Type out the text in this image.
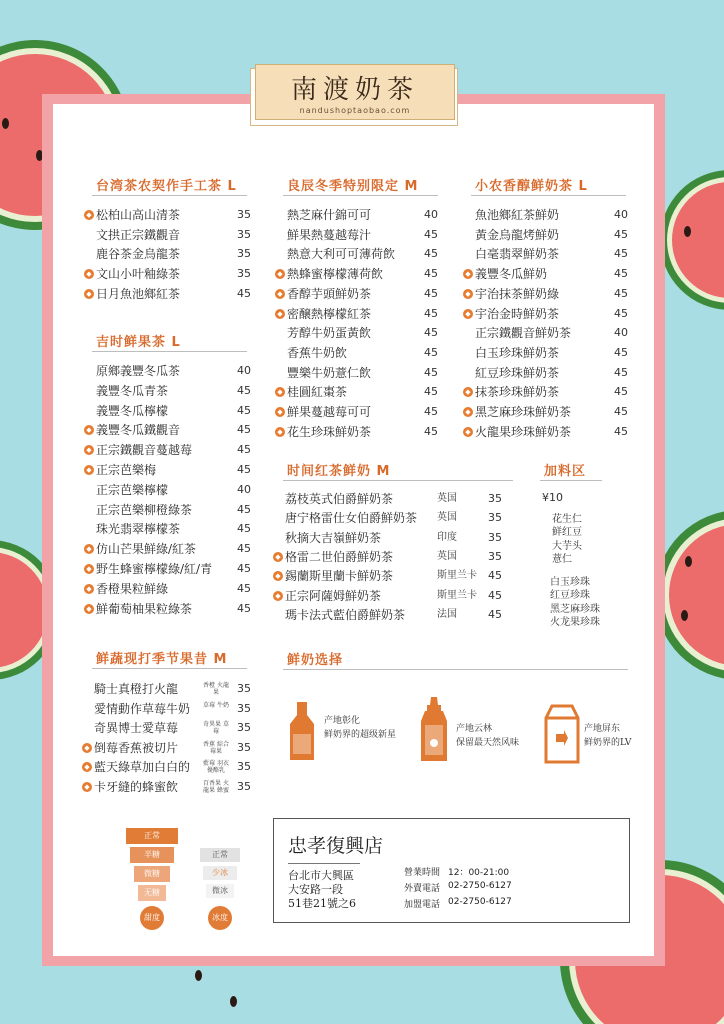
南渡奶茶
nandushoptaobao.com
台湾茶农契作手工茶 L
◆ 松柏山高山清茶	35
文拱正宗鐵觀音	35
鹿谷茶金烏龍茶	35
◆ 文山小叶釉綠茶	35
◆ 日月魚池鄉紅茶	45
吉时鲜果茶 L
原鄉義豐冬瓜茶	40
義豐冬瓜青茶	45
義豐冬瓜檸檬	45
◆ 義豐冬瓜鐵觀音	45
◆ 正宗鐵觀音蔓越莓	45
◆ 正宗芭樂梅	45
正宗芭樂檸檬	40
正宗芭樂柳橙綠茶	45
珠光翡翠檸檬茶	45
◆ 仿山芒果鮮綠/紅茶	45
◆ 野生蜂蜜檸檬綠/紅/青 45
◆ 香橙果粒鮮綠	45
◆ 鮮葡萄柚果粒綠茶	45
鲜蔬现打季节果昔 M
騎士真橙打火龍	香橙 火龍果	35
愛情動作草莓牛奶	草莓 牛奶 35
奇異博士愛草莓	奇異果 草莓	35
◆ 倒莓香蕉被切片	香蕉 綜合莓果	35
◆ 藍天綠草加白白的	藍莓 羽衣 優酪乳	35
◆ 卡牙縫的蜂蜜飲	百香果 火龍果 蜂蜜 35
良辰冬季特别限定 M
熱芝麻什錦可可	40
鮮果熱蔓越莓汁	45
熱意大利可可薄荷飲	45
◆ 熱蜂蜜檸檬薄荷飲	45
◆ 香醇芋頭鮮奶茶	45
◆ 密醸熱檸檬紅茶	45
芳醇牛奶蛋黃飲	45
香蕉牛奶飲	45
豐樂牛奶薏仁飲	45
◆ 桂圓紅棗茶	45
◆ 鮮果蔓越莓可可	45
◆ 花生珍珠鮮奶茶	45
时间红茶鲜奶 M
荔枝英式伯爵鮮奶茶	英国	35
唐宁格雷仕女伯爵鮮奶茶 英国	35
秋摘大吉嶺鮮奶茶	印度	35
◆ 格雷二世伯爵鮮奶茶	英国	35
◆ 錫蘭斯里蘭卡鮮奶茶	斯里兰卡 45
◆ 正宗阿薩姆鮮奶茶	斯里兰卡 45
瑪卡法式藍伯爵鮮奶茶	法国	45
小农香醇鲜奶茶 L
魚池鄉紅茶鮮奶	40
黃金烏龍烤鮮奶	45
白毫翡翠鮮奶茶	45
◆ 義豐冬瓜鮮奶	45
◆ 宇治抹茶鮮奶綠	45
◆ 宇治金時鮮奶茶	45
正宗鐵觀音鮮奶茶	40
白玉珍珠鮮奶茶	45
紅豆珍珠鮮奶茶	45
◆ 抹茶珍珠鮮奶茶	45
◆ 黑芝麻珍珠鮮奶茶	45
◆ 火龍果珍珠鮮奶茶	45
加料区
¥10
花生仁
鲜红豆
大芋头
薏仁
白玉珍珠
红豆珍珠
黑芝麻珍珠
火龙果珍珠
鲜奶选择
产地彰化
鲜奶界的超级新星
产地云林
保留最天然风味
产地屏东
鲜奶界的LV
正常
半糖
微糖
无糖
甜度
正常
少冰
微冰
冰度
忠孝復興店
台北市大興區
大安路一段
51巷21號之6
營業時間 12：00-21:00
外賣電話 02-2750-6127
加盟電話 02-2750-6127
